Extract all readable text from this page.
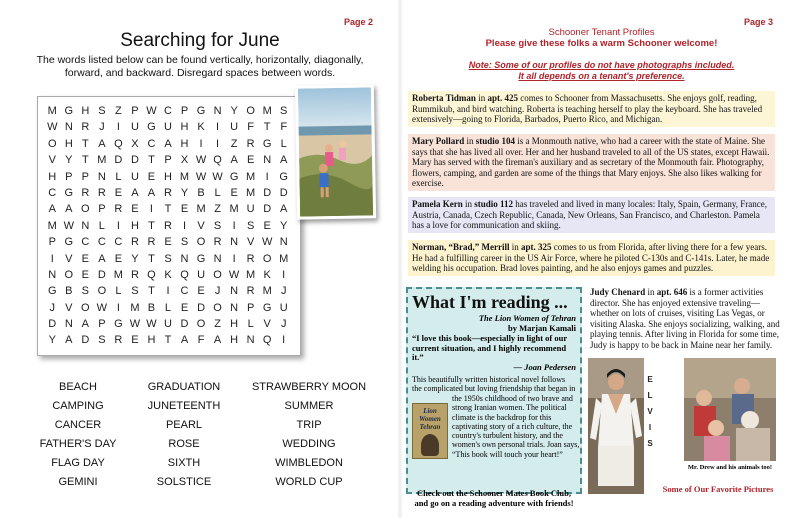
Page 2
Searching for June
The words listed below can be found vertically, horizontally, diagonally, forward, and backward. Disregard spaces between words.
M G H S Z P W C P G N Y O M S
W N R J	I	U G U H K	I	U F T F
O H T A Q X C A H	I	I	Z R G L
V Y T M D D T P X W Q A E N A
H P P N L U E H M W W G M I G
C G R R E A A R Y B L E M D D
A A O P R E	I	T E M Z M U D A
M W N L	I	H T R	I	V S	I	S E Y
P G C C C R R E S O R N V W N
I	V E A E Y T S N G N	I	R O M
N O E D M R Q K Q U O W M K	I
G B S O L S T	I	C E J N R M J
J V O W I M B L E D O N P G U
D N A P G W W U D O Z H L V J
Y A D S R E H T A F A H N Q I
BEACH
CAMPING
CANCER
FATHER'S DAY
FLAG DAY
GEMINI
GRADUATION
JUNETEENTH
PEARL
ROSE
SIXTH
SOLSTICE
STRAWBERRY MOON
SUMMER
TRIP
WEDDING
WIMBLEDON
WORLD CUP
Page 3
Schooner Tenant Profiles
Please give these folks a warm Schooner welcome!
Note: Some of our profiles do not have photographs included.
It all depends on a tenant's preference.
Roberta Tidman in apt. 425 comes to Schooner from Massachusetts. She enjoys golf, reading, Rummikub, and bird watching. Roberta is teaching herself to play the keyboard. She has traveled extensively—going to Florida, Barbados, Puerto Rico, and Michigan.
Mary Pollard in studio 104 is a Monmouth native, who had a career with the state of Maine. She says that she has lived all over. Her and her husband traveled to all of the US states, except Hawaii. Mary has served with the fireman's auxiliary and as secretary of the Monmouth fair. Photography, flowers, camping, and garden are some of the things that Mary enjoys. She also likes walking for exercise.
Pamela Kern in studio 112 has traveled and lived in many locales: Italy, Spain, Germany, France, Austria, Canada, Czech Republic, Canada, New Orleans, San Francisco, and Charleston. Pamela has a love for communication and skiing.
Norman, “Brad,” Merrill in apt. 325 comes to us from Florida, after living there for a few years. He had a fulfilling career in the US Air Force, where he piloted C-130s and C-141s. Later, he made welding his occupation. Brad loves painting, and he also enjoys games and puzzles.
What I'm reading ...
The Lion Women of Tehran
by Marjan Kamali
“I love this book—especially in light of our current situation, and I highly recommend it.”
— Joan Pedersen
This beautifully written historical novel follows the complicated but loving friendship that began in
Lion Women Tehran
the 1950s childhood of two brave and strong Iranian women. The political climate is the backdrop for this captivating story of a rich culture, the country's turbulent history, and the women's own personal trials. Joan says, “This book will touch your heart!”
Check out the Schooner Mates Book Club, and go on a reading adventure with friends!
Judy Chenard in apt. 646 is a former activities director. She has enjoyed extensive traveling—whether on lots of cruises, visiting Las Vegas, or visiting Alaska. She enjoys socializing, walking, and playing tennis. After living in Florida for some time, Judy is happy to be back in Maine near her family.
E
L
V
I
S
Mr. Drew and his animals too!
Some of Our Favorite Pictures
